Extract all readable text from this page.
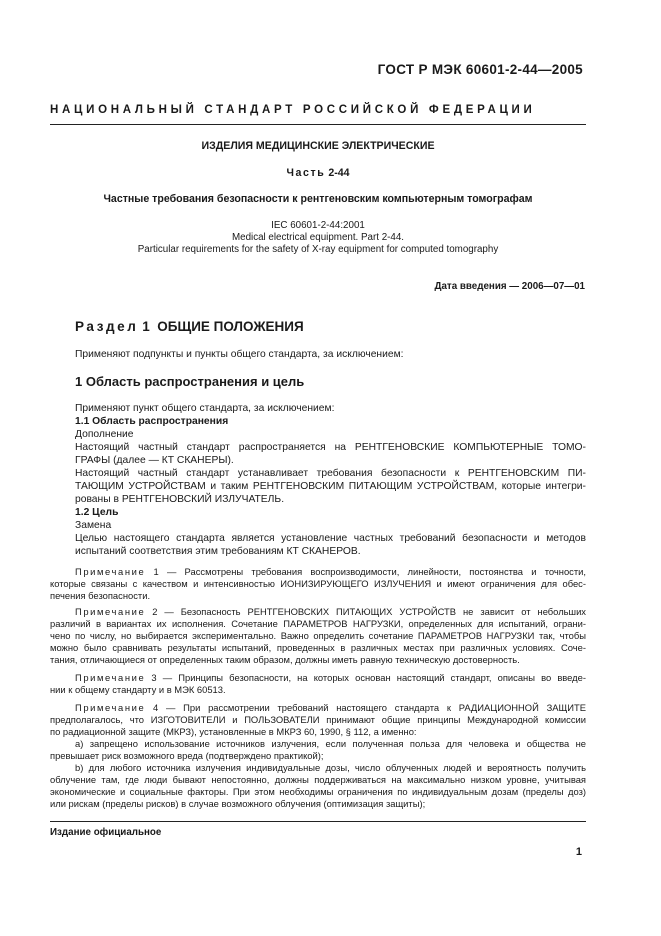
ГОСТ Р МЭК 60601-2-44—2005
НАЦИОНАЛЬНЫЙ СТАНДАРТ РОССИЙСКОЙ ФЕДЕРАЦИИ
ИЗДЕЛИЯ МЕДИЦИНСКИЕ ЭЛЕКТРИЧЕСКИЕ
Часть 2-44
Частные требования безопасности к рентгеновским компьютерным томографам
IEC 60601-2-44:2001
Medical electrical equipment. Part 2-44.
Particular requirements for the safety of X-ray equipment for computed tomography
Дата введения — 2006—07—01
Раздел 1 ОБЩИЕ ПОЛОЖЕНИЯ
Применяют подпункты и пункты общего стандарта, за исключением:
1 Область распространения и цель
Применяют пункт общего стандарта, за исключением:
1.1 Область распространения
Дополнение
Настоящий частный стандарт распространяется на РЕНТГЕНОВСКИЕ КОМПЬЮТЕРНЫЕ ТОМО-
ГРАФЫ (далее — КТ СКАНЕРЫ).
Настоящий частный стандарт устанавливает требования безопасности к РЕНТГЕНОВСКИМ ПИ-
ТАЮЩИМ УСТРОЙСТВАМ и таким РЕНТГЕНОВСКИМ ПИТАЮЩИМ УСТРОЙСТВАМ, которые интегри-
рованы в РЕНТГЕНОВСКИЙ ИЗЛУЧАТЕЛЬ.
1.2 Цель
Замена
Целью настоящего стандарта является установление частных требований безопасности и методов
испытаний соответствия этим требованиям КТ СКАНЕРОВ.
Примечание 1 — Рассмотрены требования воспроизводимости, линейности, постоянства и точности,
которые связаны с качеством и интенсивностью ИОНИЗИРУЮЩЕГО ИЗЛУЧЕНИЯ и имеют ограничения для обес-
печения безопасности.
Примечание 2 — Безопасность РЕНТГЕНОВСКИХ ПИТАЮЩИХ УСТРОЙСТВ не зависит от небольших
различий в вариантах их исполнения. Сочетание ПАРАМЕТРОВ НАГРУЗКИ, определенных для испытаний, ограни-
чено по числу, но выбирается экспериментально. Важно определить сочетание ПАРАМЕТРОВ НАГРУЗКИ так, чтобы
можно было сравнивать результаты испытаний, проведенных в различных местах при различных условиях. Соче-
тания, отличающиеся от определенных таким образом, должны иметь равную техническую достоверность.
Примечание 3 — Принципы безопасности, на которых основан настоящий стандарт, описаны во введе-
нии к общему стандарту и в МЭК 60513.
Примечание 4 — При рассмотрении требований настоящего стандарта к РАДИАЦИОННОЙ ЗАЩИТЕ
предполагалось, что ИЗГОТОВИТЕЛИ и ПОЛЬЗОВАТЕЛИ принимают общие принципы Международной комиссии
по радиационной защите (МКРЗ), установленные в МКРЗ 60, 1990, § 112, а именно:
a) запрещено использование источников излучения, если полученная польза для человека и общества не
превышает риск возможного вреда (подтверждено практикой);
b) для любого источника излучения индивидуальные дозы, число облученных людей и вероятность получить
облучение там, где люди бывают непостоянно, должны поддерживаться на максимально низком уровне, учитывая
экономические и социальные факторы. При этом необходимы ограничения по индивидуальным дозам (пределы доз)
или рискам (пределы рисков) в случае возможного облучения (оптимизация защиты);
Издание официальное
1
